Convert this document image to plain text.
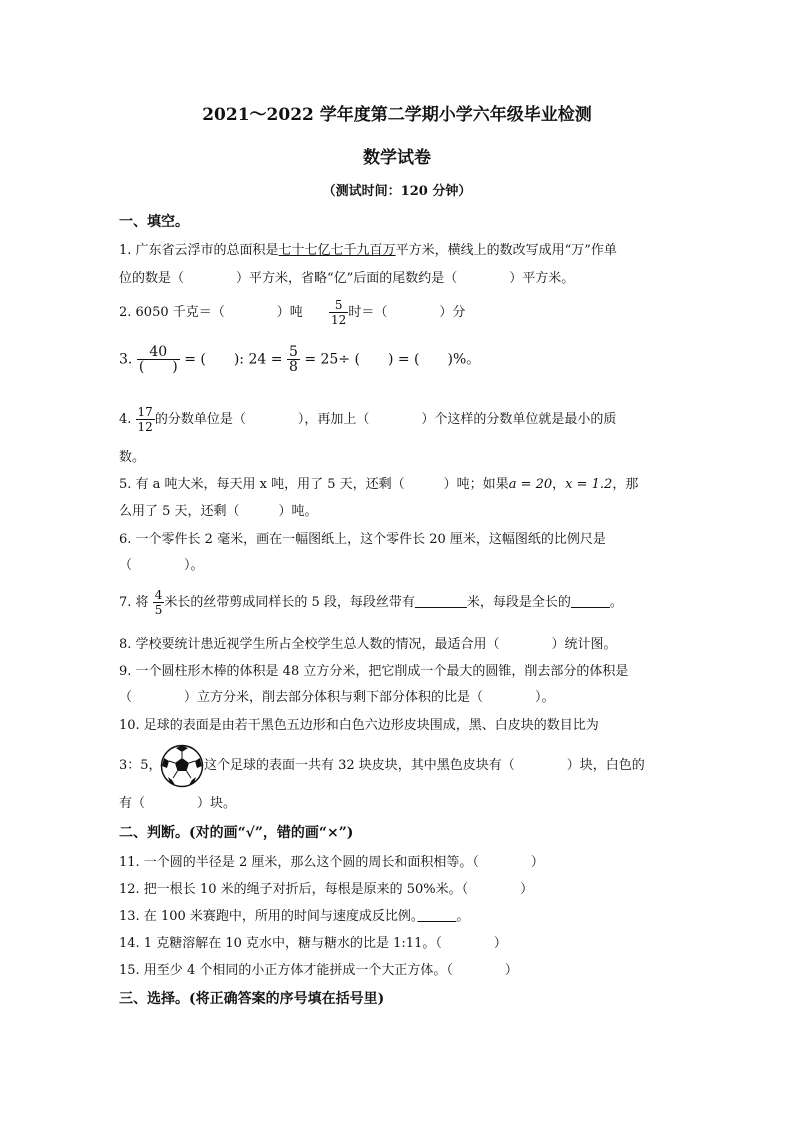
2021～2022 学年度第二学期小学六年级毕业检测
数学试卷
（测试时间：120 分钟）
一、填空。
1. 广东省云浮市的总面积是七十七亿七千九百万平方米，横线上的数改写成用“万”作单
位的数是（　　　　）平方米，省略“亿”后面的尾数约是（　　　　）平方米。
2. 6050 千克＝（　　　　）吨 $\frac{5}{12}$ 时＝（　　　　）分
3. $\frac{40}{( )}$ = (　　): $24 = \frac{5}{8} = 25\div$ (　　) = (　　)%。
4. $\frac{17}{12}$ 的分数单位是（　　　　），再加上（　　　　）个这样的分数单位就是最小的质
数。
5. 有 a 吨大米，每天用 x 吨，用了 5 天，还剩（　　　）吨；如果a = 20，x = 1.2，那
么用了 5 天，还剩（　　　）吨。
6. 一个零件长 2 毫米，画在一幅图纸上，这个零件长 20 厘米，这幅图纸的比例尺是
（　　　　）。
7. 将 $\frac{4}{5}$ 米长的丝带剪成同样长的 5 段，每段丝带有　　　　	米，每段是全长的　　　	。
8. 学校要统计患近视学生所占全校学生总人数的情况，最适合用（　　　　）统计图。
9. 一个圆柱形木棒的体积是 48 立方分米，把它削成一个最大的圆锥，削去部分的体积是
（　　　　）立方分米，削去部分体积与剩下部分体积的比是（　　　　）。
10. 足球的表面是由若干黑色五边形和白色六边形皮块围成，黑、白皮块的数目比为
3：5，	这个足球的表面一共有 32 块皮块，其中黑色皮块有（　　　　）块，白色的
有（　　　　）块。
二、判断。(对的画“√”，错的画“×”)
11. 一个圆的半径是 2 厘米，那么这个圆的周长和面积相等。（　　　　）
12. 把一根长 10 米的绳子对折后，每根是原来的 50%米。（　　　　）
13. 在 100 米赛跑中，所用的时间与速度成反比例。　　　	。
14. 1 克糖溶解在 10 克水中，糖与糖水的比是 1:11。（　　　　）
15. 用至少 4 个相同的小正方体才能拼成一个大正方体。（　　　　）
三、选择。(将正确答案的序号填在括号里)
